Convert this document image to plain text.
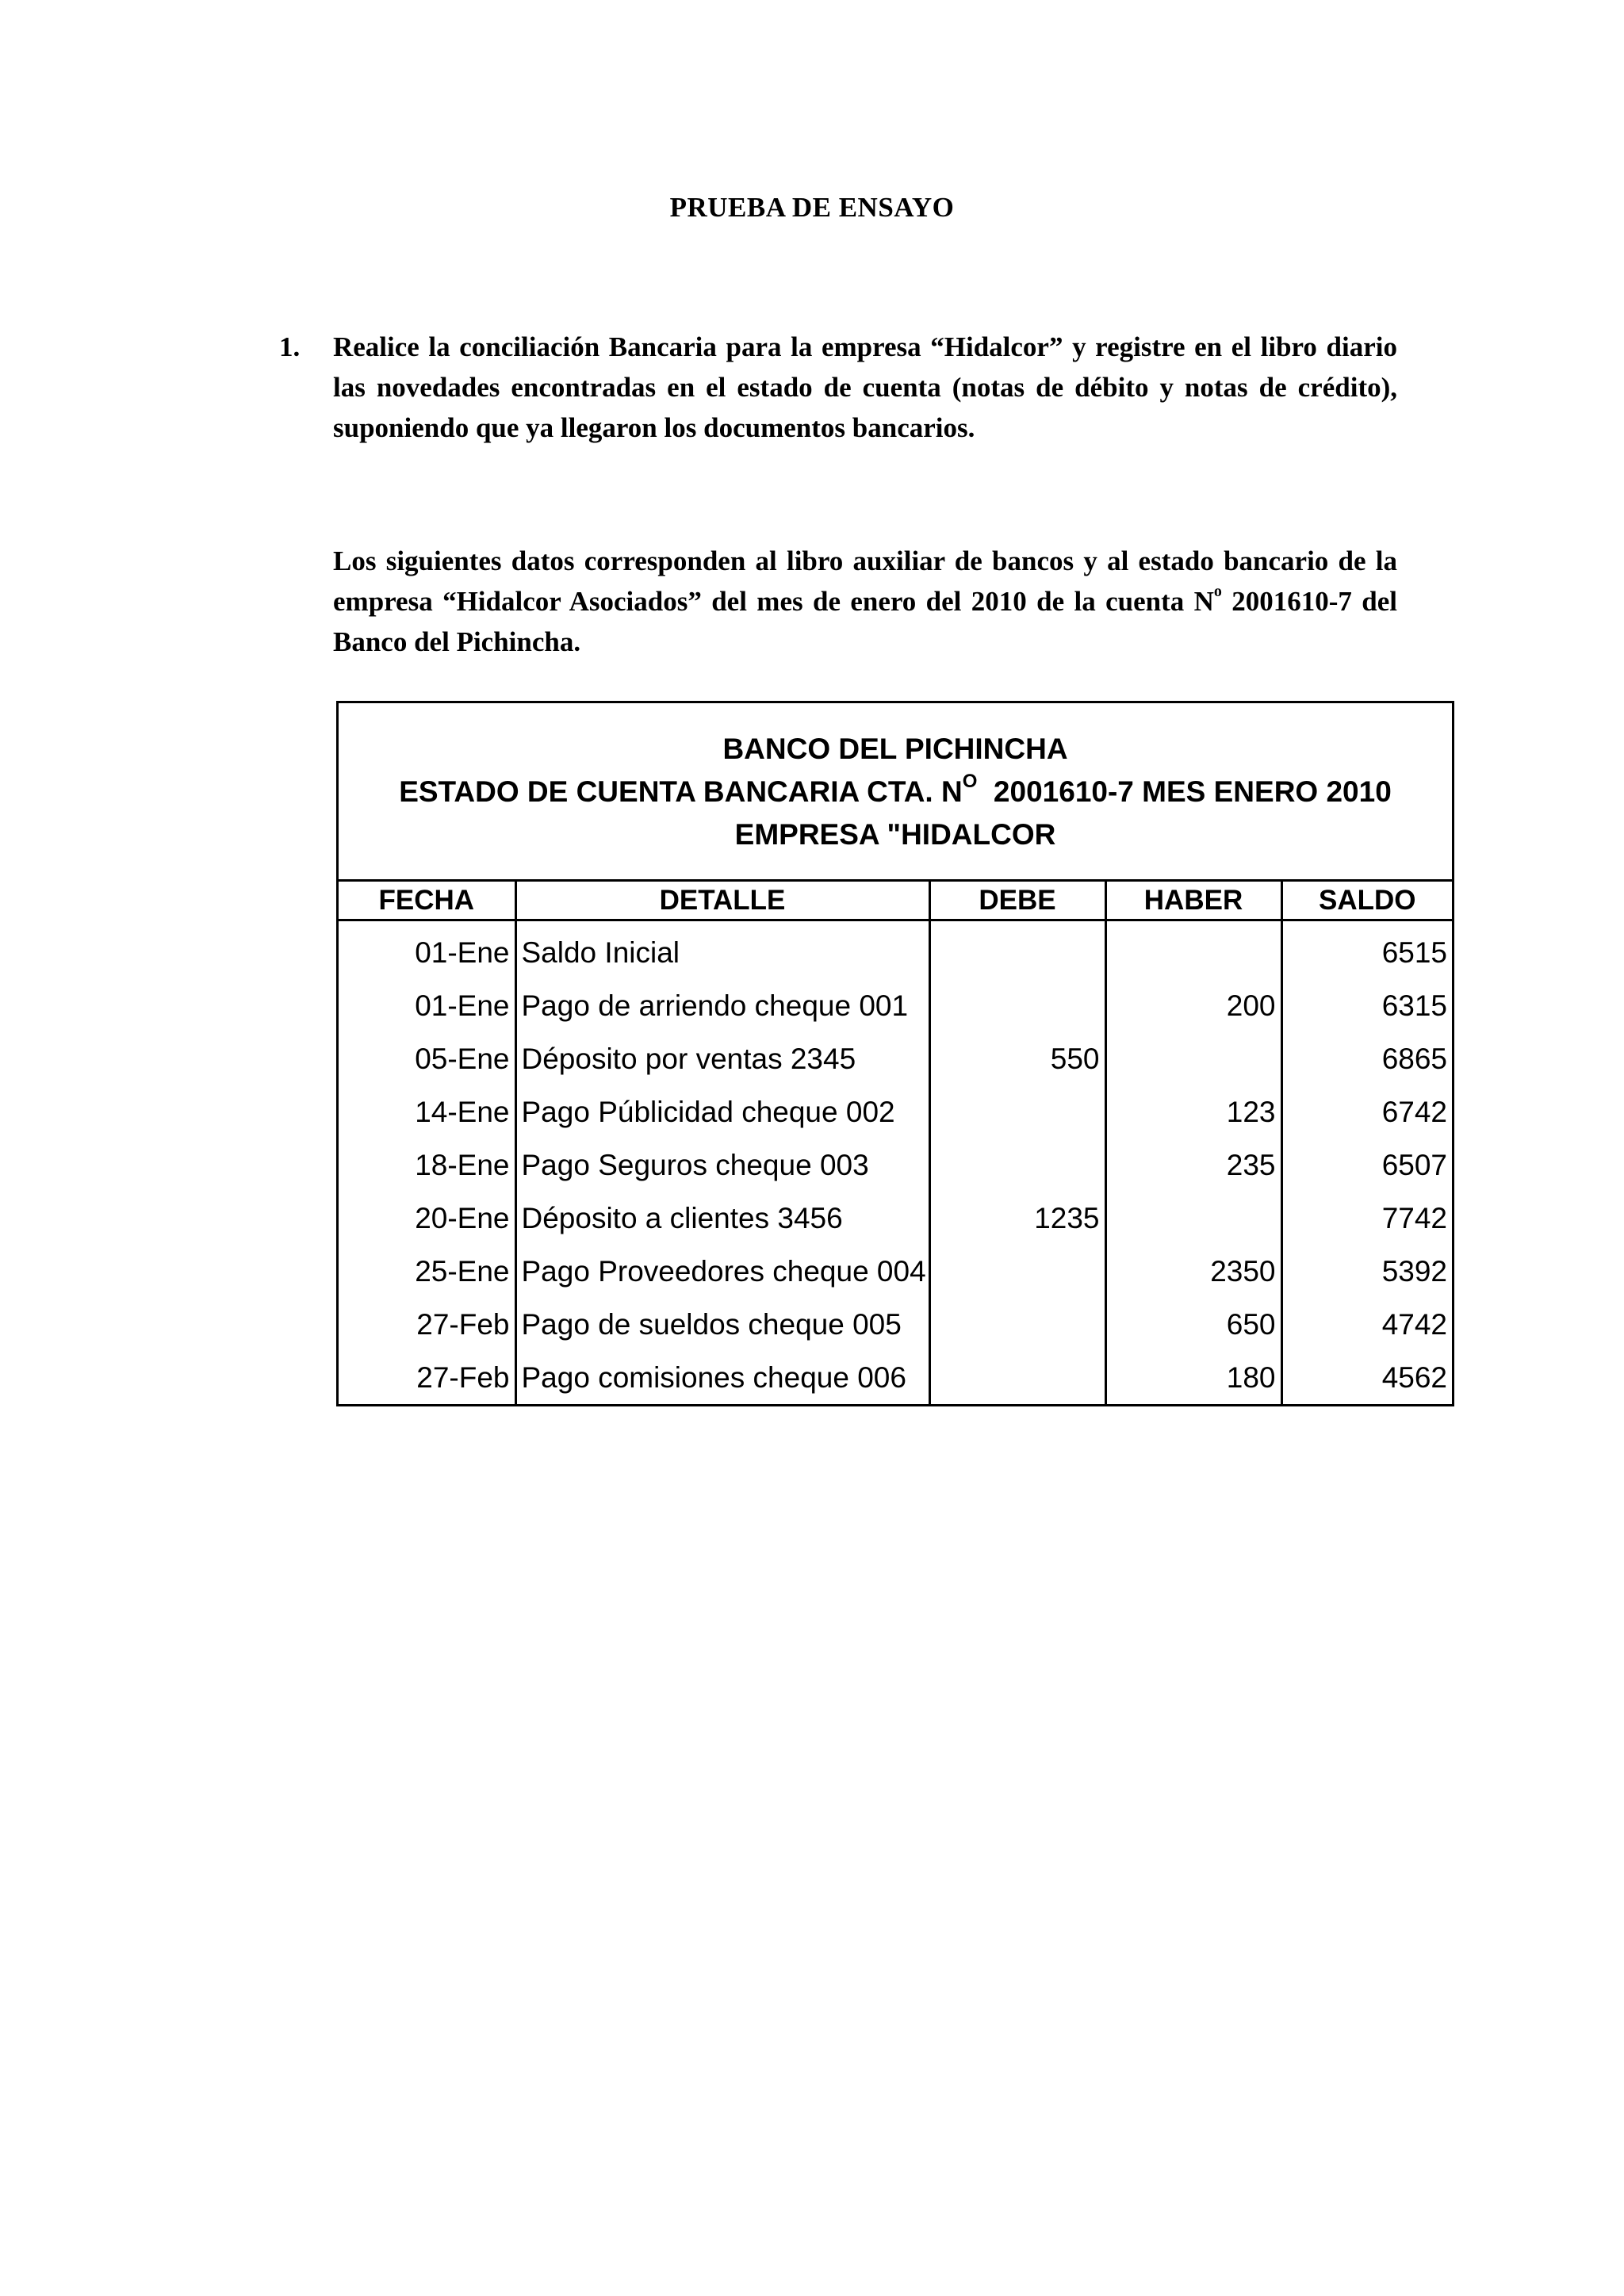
PRUEBA DE ENSAYO
1. Realice la conciliación Bancaria para la empresa “Hidalcor” y registre en el libro diario las novedades encontradas en el estado de cuenta (notas de débito y notas de crédito), suponiendo que ya llegaron los documentos bancarios.
Los siguientes datos corresponden al libro auxiliar de bancos y al estado bancario de la empresa “Hidalcor Asociados” del mes de enero del 2010 de la cuenta $N^o$ 2001610-7 del Banco del Pichincha.
BANCO DEL PICHINCHA
ESTADO DE CUENTA BANCARIA CTA. $N^O$  2001610-7 MES ENERO 2010
EMPRESA "HIDALCOR
FECHA	DETALLE	DEBE	HABER	SALDO
01-Ene	Saldo Inicial			6515
01-Ene	Pago de arriendo cheque 001		200	6315
05-Ene	Déposito por ventas 2345	550		6865
14-Ene	Pago Públicidad cheque 002		123	6742
18-Ene	Pago Seguros cheque 003		235	6507
20-Ene	Déposito a clientes 3456	1235		7742
25-Ene	Pago Proveedores cheque 004		2350	5392
27-Feb	Pago de sueldos cheque 005		650	4742
27-Feb	Pago comisiones cheque 006		180	4562
